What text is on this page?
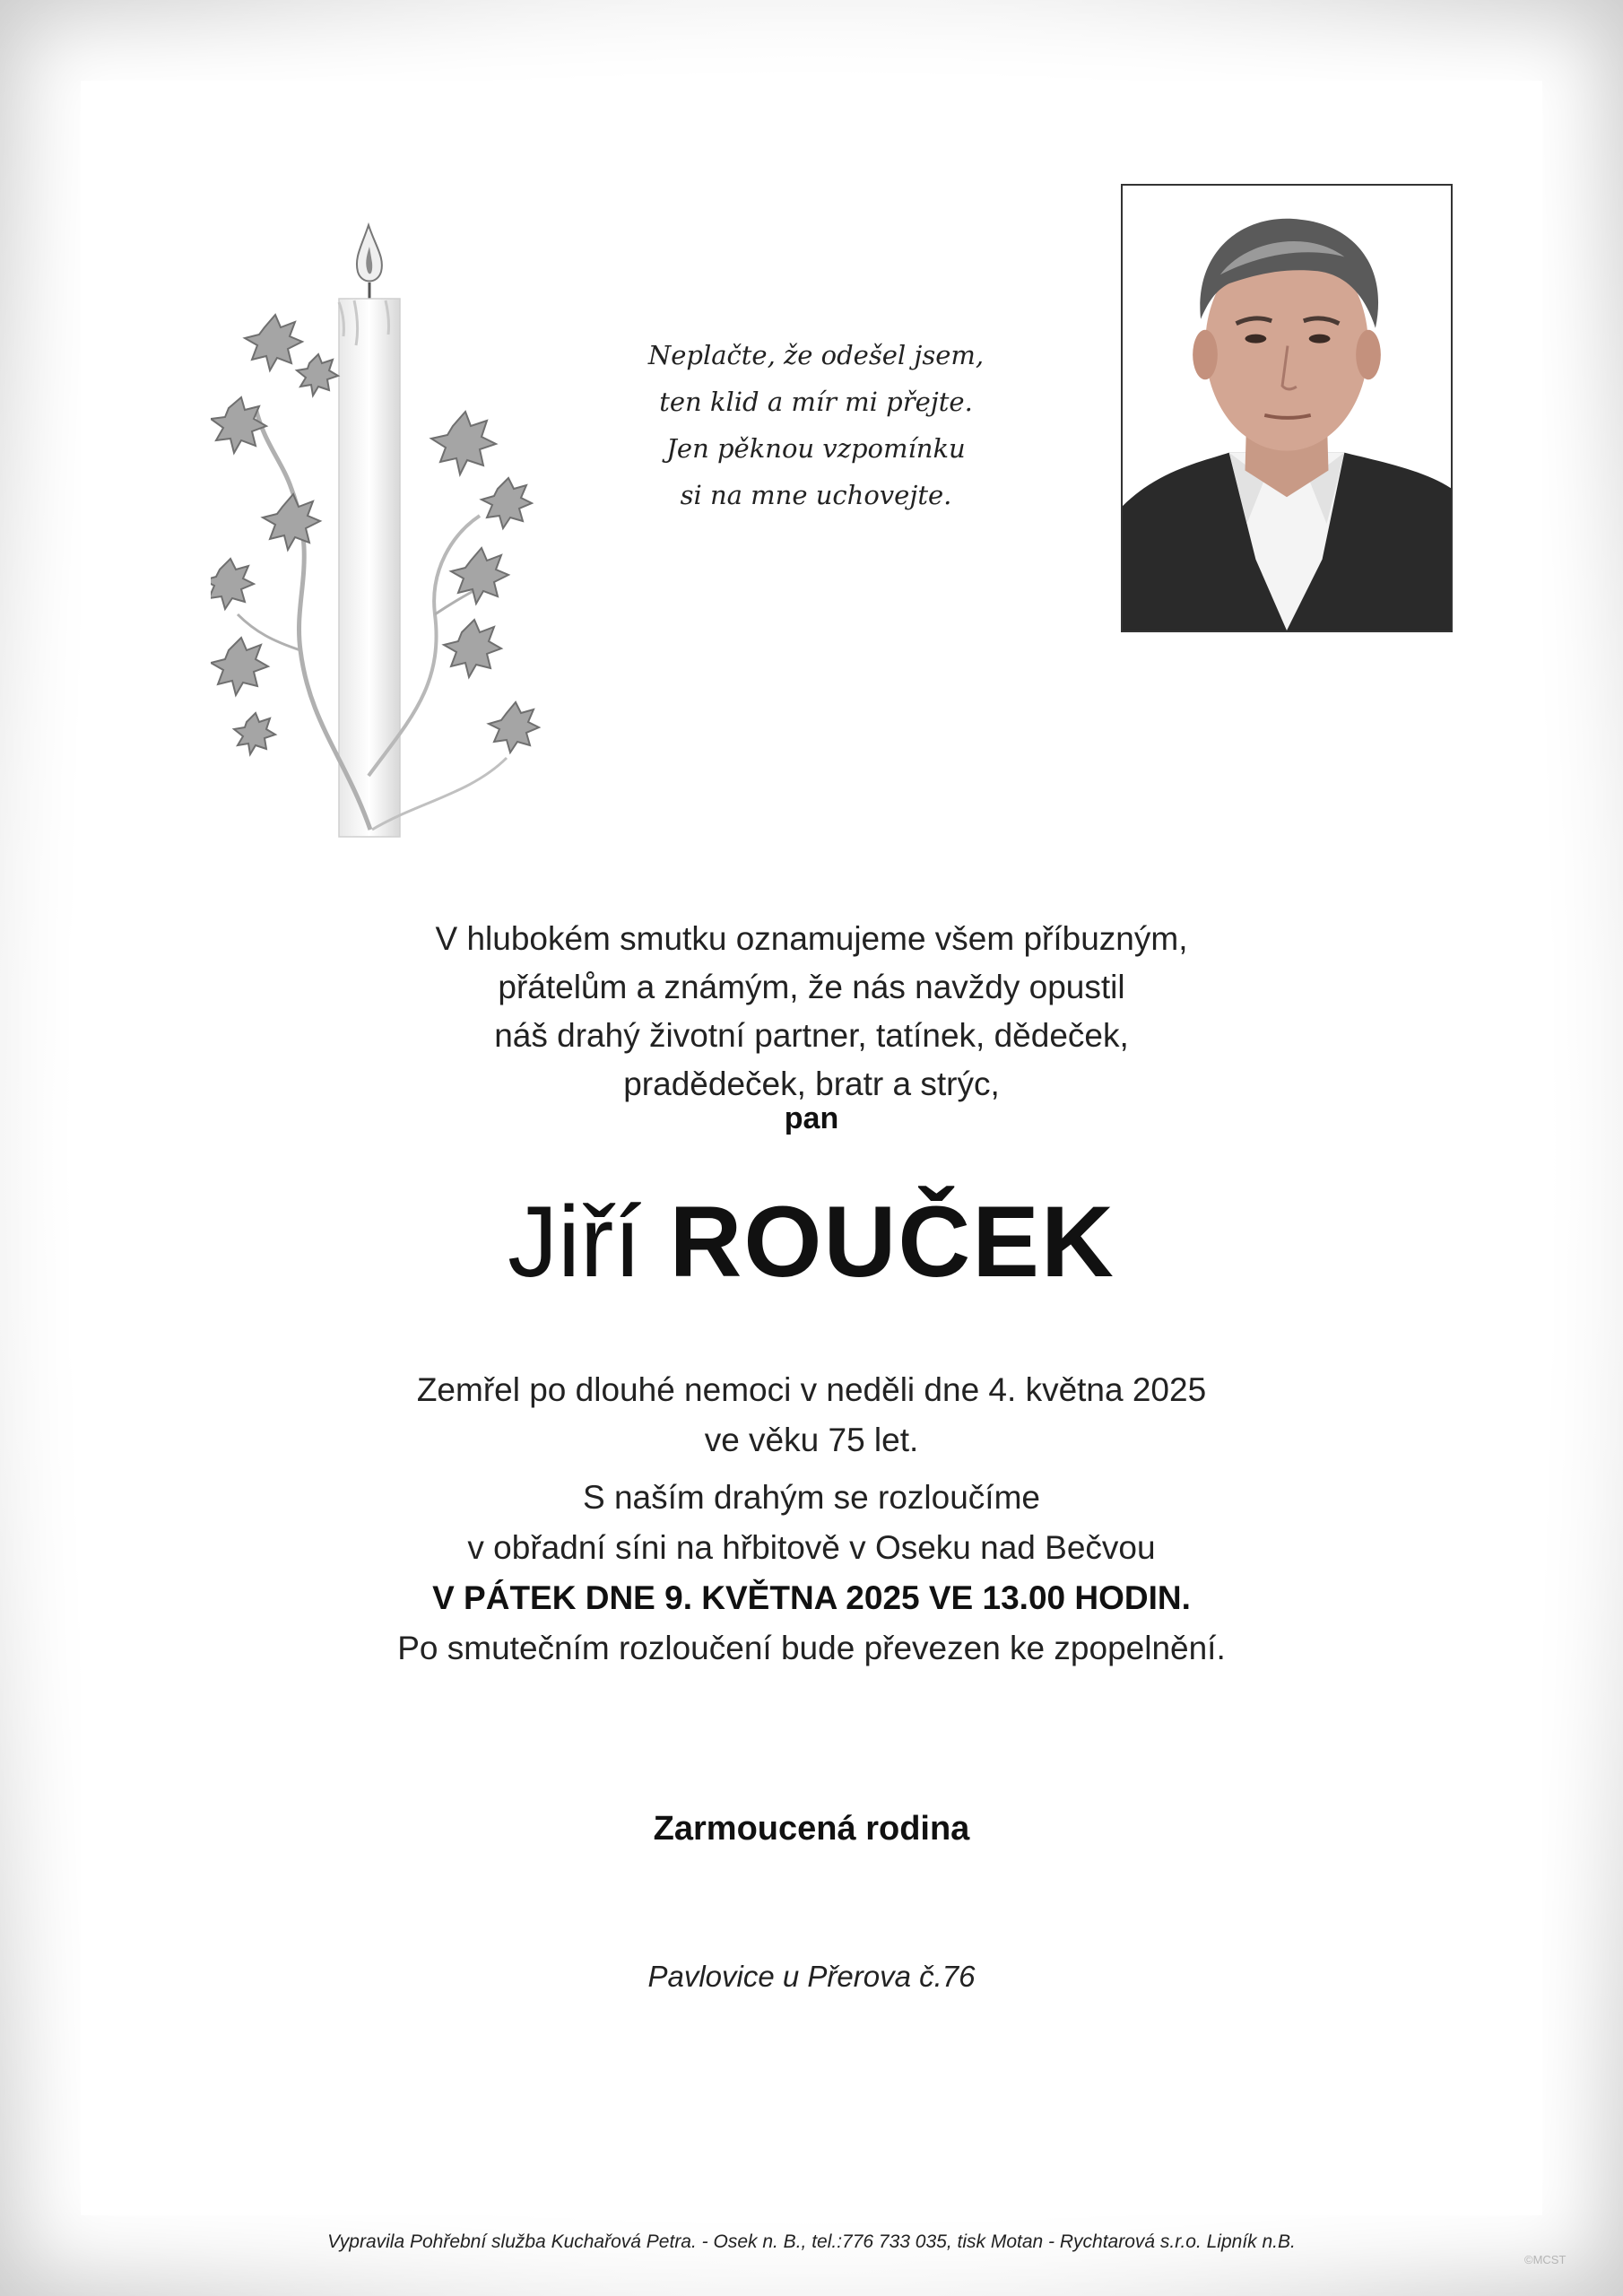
Neplačte, že odešel jsem,
ten klid a mír mi přejte.
Jen pěknou vzpomínku
si na mne uchovejte.
V hlubokém smutku oznamujeme všem příbuzným,
přátelům a známým, že nás navždy opustil
náš drahý životní partner, tatínek, dědeček,
pradědeček, bratr a strýc,
pan
Jiří ROUČEK
Zemřel po dlouhé nemoci v neděli dne 4. května 2025
ve věku 75 let.
S naším drahým se rozloučíme
v obřadní síni na hřbitově v Oseku nad Bečvou
V PÁTEK DNE 9. KVĚTNA 2025 VE 13.00 HODIN.
Po smutečním rozloučení bude převezen ke zpopelnění.
Zarmoucená rodina
Pavlovice u Přerova č.76
Vypravila Pohřební služba Kuchařová Petra. - Osek n. B., tel.:776 733 035, tisk Motan - Rychtarová s.r.o. Lipník n.B.
©MCST
